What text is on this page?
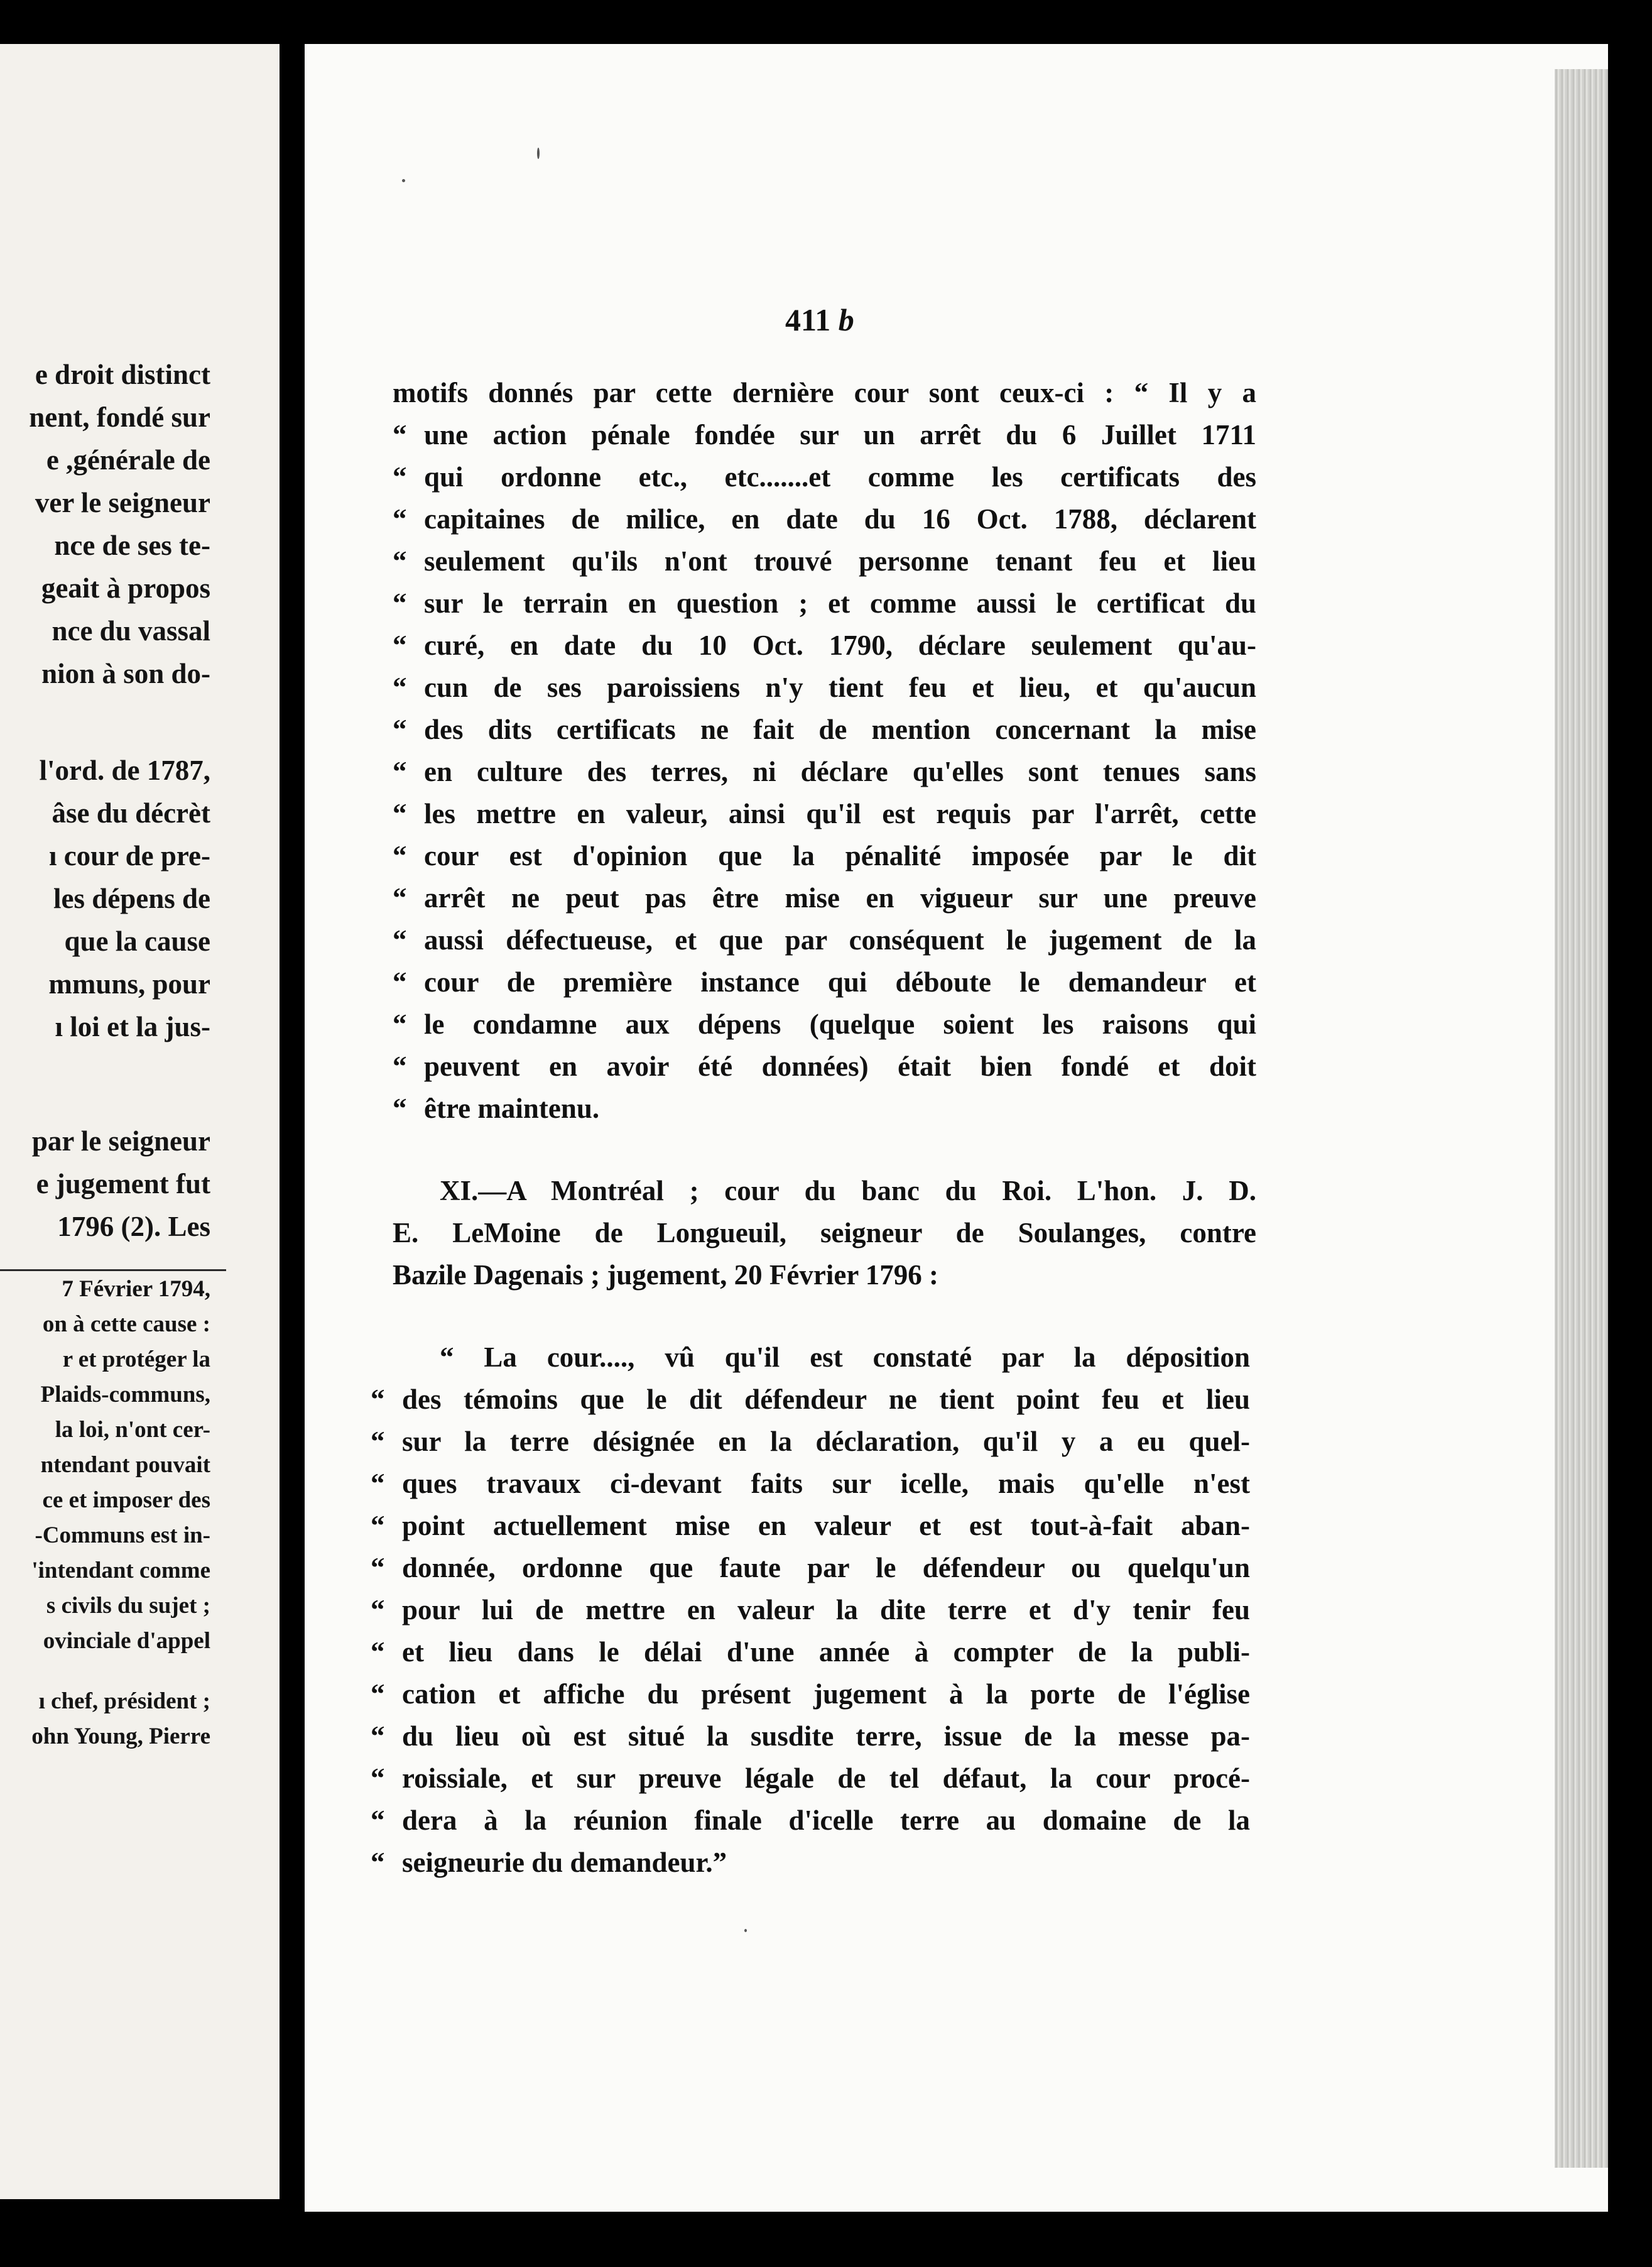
e droit distinct
nent, fondé sur
e ,générale de
ver le seigneur
nce de ses te-
geait à propos
nce du vassal
nion à son do-
l'ord. de 1787,
âse du décrèt
ı cour de pre-
les dépens de
que la cause
mmuns, pour
ı loi et la jus-
par le seigneur
e jugement fut
1796 (2). Les
7 Février 1794,
on à cette cause :
r et protéger la
Plaids-communs,
la loi, n'ont cer-
ntendant pouvait
ce et imposer des
-Communs est in-
'intendant comme
s civils du sujet ;
ovinciale d'appel
ı chef, président ;
ohn Young, Pierre
411 b
motifs donnés par cette dernière cour sont ceux-ci : “ Il y a
“ une action pénale fondée sur un arrêt du 6 Juillet 1711
“ qui ordonne etc., etc.......et comme les certificats des
“ capitaines de milice, en date du 16 Oct. 1788, déclarent
“ seulement qu'ils n'ont trouvé personne tenant feu et lieu
“ sur le terrain en question ; et comme aussi le certificat du
“ curé, en date du 10 Oct. 1790, déclare seulement qu'au-
“ cun de ses paroissiens n'y tient feu et lieu, et qu'aucun
“ des dits certificats ne fait de mention concernant la mise
“ en culture des terres, ni déclare qu'elles sont tenues sans
“ les mettre en valeur, ainsi qu'il est requis par l'arrêt, cette
“ cour est d'opinion que la pénalité imposée par le dit
“ arrêt ne peut pas être mise en vigueur sur une preuve
“ aussi défectueuse, et que par conséquent le jugement de la
“ cour de première instance qui déboute le demandeur et
“ le condamne aux dépens (quelque soient les raisons qui
“ peuvent en avoir été données) était bien fondé et doit
“ être maintenu.
XI.—A Montréal ; cour du banc du Roi. L'hon. J. D.
E. LeMoine de Longueuil, seigneur de Soulanges, contre
Bazile Dagenais ; jugement, 20 Février 1796 :
“ La cour...., vû qu'il est constaté par la déposition
“ des témoins que le dit défendeur ne tient point feu et lieu
“ sur la terre désignée en la déclaration, qu'il y a eu quel-
“ ques travaux ci-devant faits sur icelle, mais qu'elle n'est
“ point actuellement mise en valeur et est tout-à-fait aban-
“ donnée, ordonne que faute par le défendeur ou quelqu'un
“ pour lui de mettre en valeur la dite terre et d'y tenir feu
“ et lieu dans le délai d'une année à compter de la publi-
“ cation et affiche du présent jugement à la porte de l'église
“ du lieu où est situé la susdite terre, issue de la messe pa-
“ roissiale, et sur preuve légale de tel défaut, la cour procé-
“ dera à la réunion finale d'icelle terre au domaine de la
“ seigneurie du demandeur.”
